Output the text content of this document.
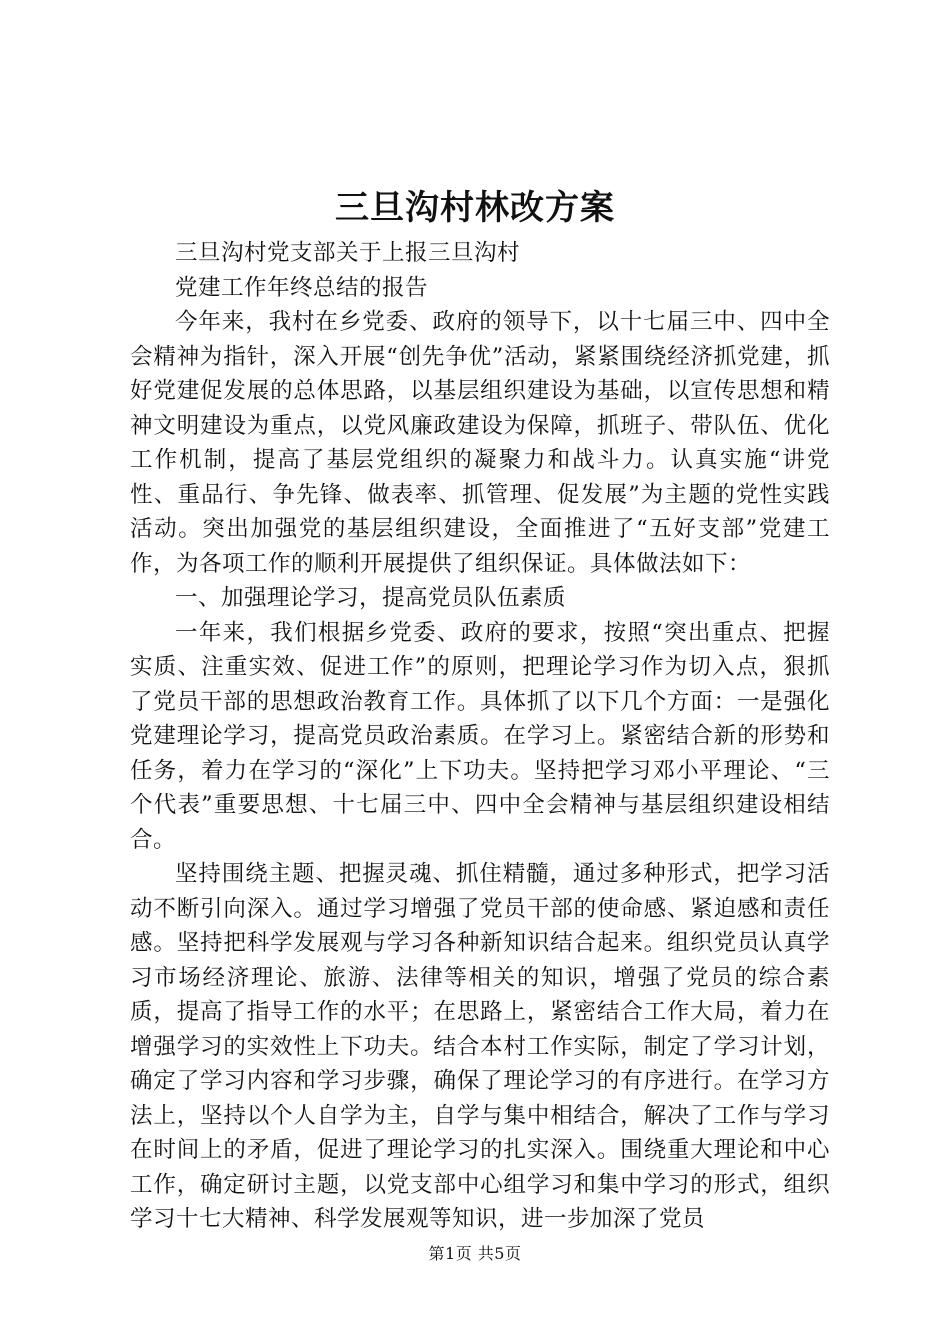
三旦沟村林改方案

三旦沟村党支部关于上报三旦沟村

党建工作年终总结的报告

今年来，我村在乡党委、政府的领导下，以十七届三中、四中全会精神为指针，深入开展“创先争优”活动，紧紧围绕经济抓党建，抓好党建促发展的总体思路，以基层组织建设为基础，以宣传思想和精神文明建设为重点，以党风廉政建设为保障，抓班子、带队伍、优化工作机制，提高了基层党组织的凝聚力和战斗力。认真实施“讲党性、重品行、争先锋、做表率、抓管理、促发展”为主题的党性实践活动。突出加强党的基层组织建设，全面推进了“五好支部”党建工作，为各项工作的顺利开展提供了组织保证。具体做法如下：

一、加强理论学习，提高党员队伍素质

一年来，我们根据乡党委、政府的要求，按照“突出重点、把握实质、注重实效、促进工作”的原则，把理论学习作为切入点，狠抓了党员干部的思想政治教育工作。具体抓了以下几个方面：一是强化党建理论学习，提高党员政治素质。在学习上。紧密结合新的形势和任务，着力在学习的“深化”上下功夫。坚持把学习邓小平理论、“三个代表”重要思想、十七届三中、四中全会精神与基层组织建设相结合。

坚持围绕主题、把握灵魂、抓住精髓，通过多种形式，把学习活动不断引向深入。通过学习增强了党员干部的使命感、紧迫感和责任感。坚持把科学发展观与学习各种新知识结合起来。组织党员认真学习市场经济理论、旅游、法律等相关的知识，增强了党员的综合素质，提高了指导工作的水平；在思路上，紧密结合工作大局，着力在增强学习的实效性上下功夫。结合本村工作实际，制定了学习计划，确定了学习内容和学习步骤，确保了理论学习的有序进行。在学习方法上，坚持以个人自学为主，自学与集中相结合，解决了工作与学习在时间上的矛盾，促进了理论学习的扎实深入。围绕重大理论和中心工作，确定研讨主题，以党支部中心组学习和集中学习的形式，组织学习十七大精神、科学发展观等知识，进一步加深了党员

第1页 共5页
